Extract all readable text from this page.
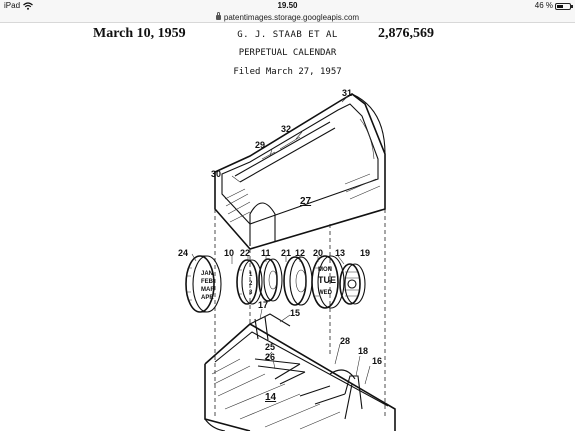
iPad	19.50	46 %
patentimages.storage.googleapis.com
March 10, 1959	G. J. STAAB ET AL	2,876,569
PERPETUAL CALENDAR
Filed March 27, 1957
JAN
FEB
MAR
APR
1
2
3
MON
TUE
WED
31
32
29
30
27
24	10 22 11 21 12 20 13 19
17
15
25
26
28
18
16
14
